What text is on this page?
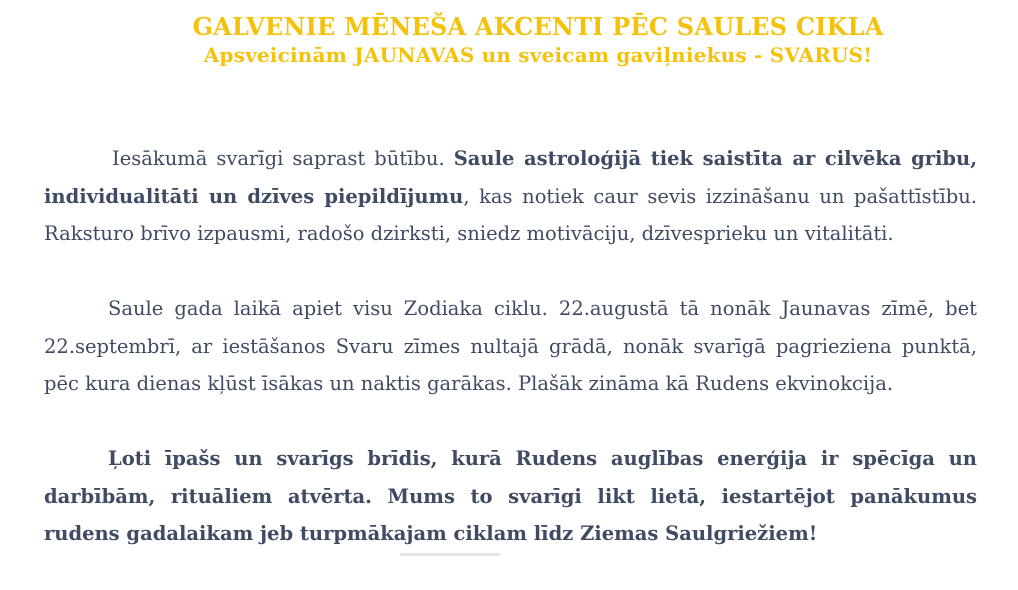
GALVENIE MĒNEŠA AKCENTI PĒC SAULES CIKLA
Apsveicinām JAUNAVAS un sveicam gaviļniekus - SVARUS!

Iesākumā svarīgi saprast būtību. Saule astroloģijā tiek saistīta ar cilvēka gribu, individualitāti un dzīves piepildījumu, kas notiek caur sevis izzināšanu un pašattīstību. Raksturo brīvo izpausmi, radošo dzirksti, sniedz motivāciju, dzīvesprieku un vitalitāti.

Saule gada laikā apiet visu Zodiaka ciklu. 22.augustā tā nonāk Jaunavas zīmē, bet 22.septembrī, ar iestāšanos Svaru zīmes nultajā grādā, nonāk svarīgā pagrieziena punktā, pēc kura dienas kļūst īsākas un naktis garākas. Plašāk zināma kā Rudens ekvinokcija.

Ļoti īpašs un svarīgs brīdis, kurā Rudens auglības enerģija ir spēcīga un darbībām, rituāliem atvērta. Mums to svarīgi likt lietā, iestartējot panākumus rudens gadalaikam jeb turpmākajam ciklam līdz Ziemas Saulgriežiem!
